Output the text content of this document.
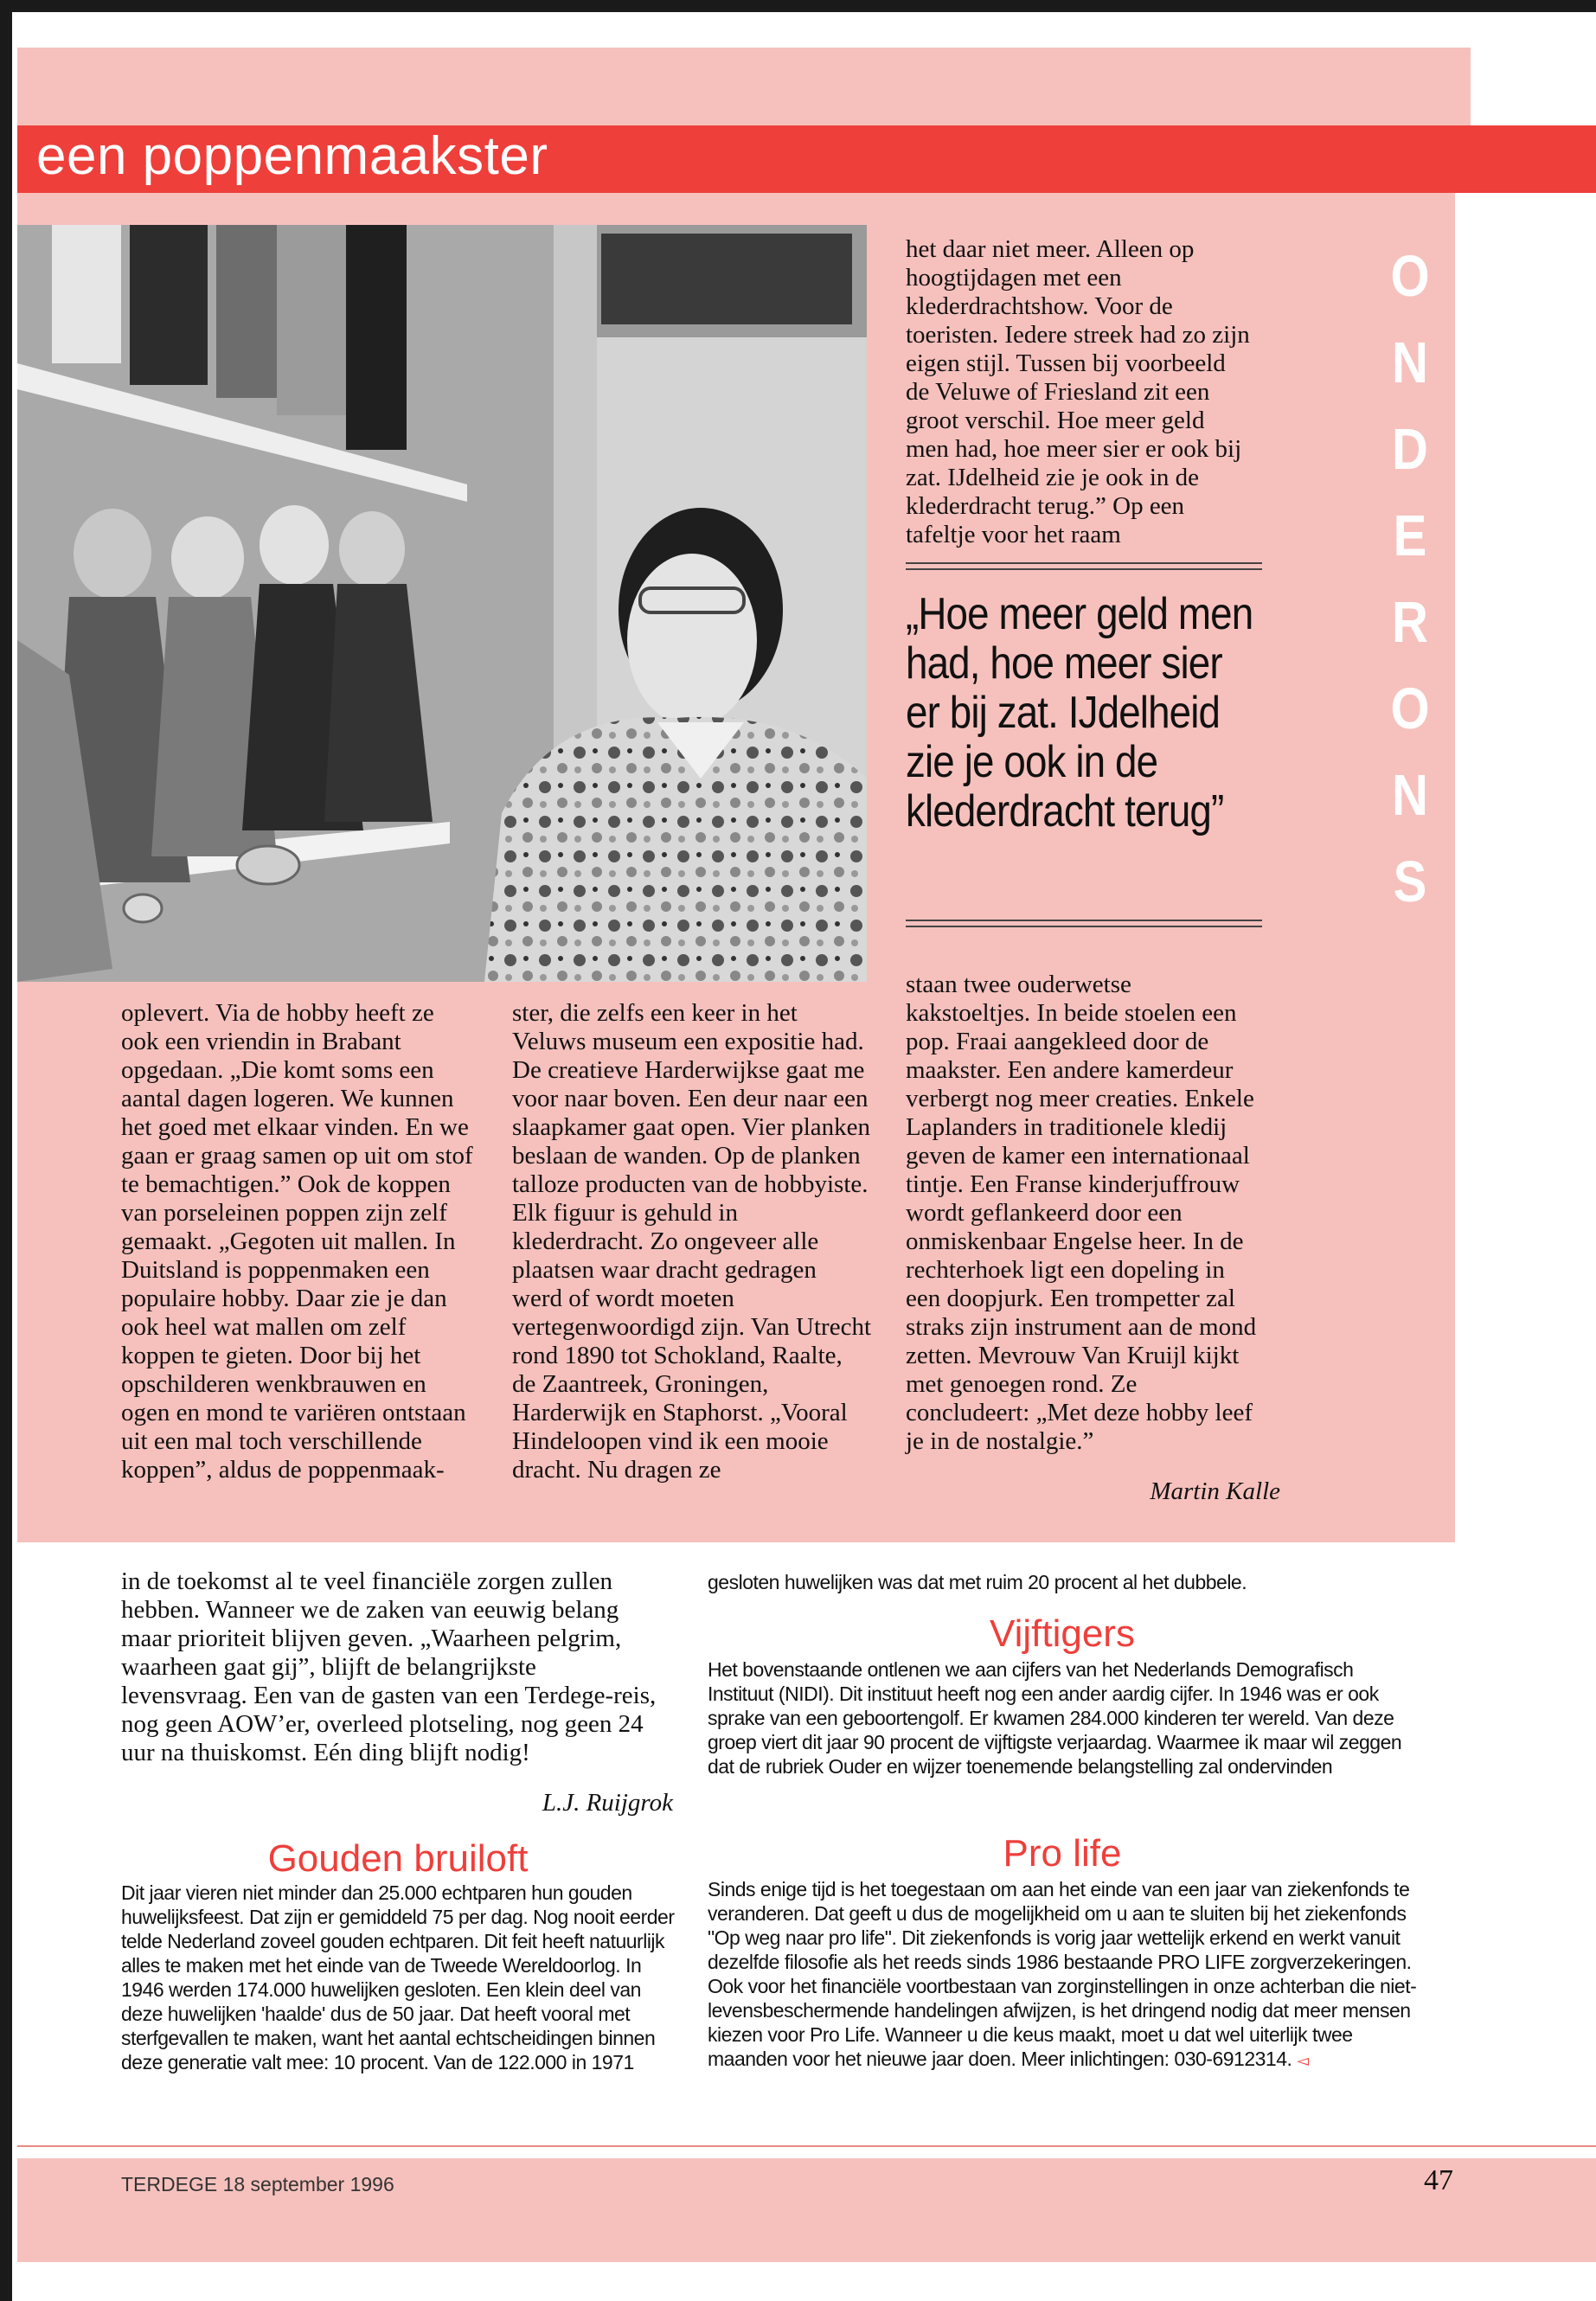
een poppenmaakster
O
N
D
E
R
O
N
S

het daar niet meer. Alleen op hoogtijdagen met een klederdrachtshow. Voor de toeristen. Iedere streek had zo zijn eigen stijl. Tussen bij voorbeeld de Veluwe of Friesland zit een groot verschil. Hoe meer geld men had, hoe meer sier er ook bij zat. IJdelheid zie je ook in de klederdracht terug.” Op een tafeltje voor het raam

„Hoe meer geld men had, hoe meer sier er bij zat. IJdelheid zie je ook in de klederdracht terug”

oplevert. Via de hobby heeft ze ook een vriendin in Brabant opgedaan. „Die komt soms een aantal dagen logeren. We kunnen het goed met elkaar vinden. En we gaan er graag samen op uit om stof te bemachtigen.” Ook de koppen van porseleinen poppen zijn zelf gemaakt. „Gegoten uit mallen. In Duitsland is poppenmaken een populaire hobby. Daar zie je dan ook heel wat mallen om zelf koppen te gieten. Door bij het opschilderen wenkbrauwen en ogen en mond te variëren ontstaan uit een mal toch verschillende koppen”, aldus de poppenmaak-

ster, die zelfs een keer in het Veluws museum een expositie had. De creatieve Harderwijkse gaat me voor naar boven. Een deur naar een slaapkamer gaat open. Vier planken beslaan de wanden. Op de planken talloze producten van de hobbyiste. Elk figuur is gehuld in klederdracht. Zo ongeveer alle plaatsen waar dracht gedragen werd of wordt moeten vertegenwoordigd zijn. Van Utrecht rond 1890 tot Schokland, Raalte, de Zaantreek, Groningen, Harderwijk en Staphorst. „Vooral Hindeloopen vind ik een mooie dracht. Nu dragen ze

staan twee ouderwetse kakstoeltjes. In beide stoelen een pop. Fraai aangekleed door de maakster. Een andere kamerdeur verbergt nog meer creaties. Enkele Laplanders in traditionele kledij geven de kamer een internationaal tintje. Een Franse kinderjuffrouw wordt geflankeerd door een onmiskenbaar Engelse heer. In de rechterhoek ligt een dopeling in een doopjurk. Een trompetter zal straks zijn instrument aan de mond zetten. Mevrouw Van Kruijl kijkt met genoegen rond. Ze concludeert: „Met deze hobby leef je in de nostalgie.”

Martin Kalle

in de toekomst al te veel financiële zorgen zullen hebben. Wanneer we de zaken van eeuwig belang maar prioriteit blijven geven. „Waarheen pelgrim, waarheen gaat gij”, blijft de belangrijkste levensvraag. Een van de gasten van een Terdege-reis, nog geen AOW’er, overleed plotseling, nog geen 24 uur na thuiskomst. Eén ding blijft nodig!

L.J. Ruijgrok
Gouden bruiloft

Dit jaar vieren niet minder dan 25.000 echtparen hun gouden huwelijksfeest. Dat zijn er gemiddeld 75 per dag. Nog nooit eerder telde Nederland zoveel gouden echtparen. Dit feit heeft natuurlijk alles te maken met het einde van de Tweede Wereldoorlog. In 1946 werden 174.000 huwelijken gesloten. Een klein deel van deze huwelijken 'haalde' dus de 50 jaar. Dat heeft vooral met sterfgevallen te maken, want het aantal echtscheidingen binnen deze generatie valt mee: 10 procent. Van de 122.000 in 1971

gesloten huwelijken was dat met ruim 20 procent al het dubbele.

Vijftigers

Het bovenstaande ontlenen we aan cijfers van het Nederlands Demografisch Instituut (NIDI). Dit instituut heeft nog een ander aardig cijfer. In 1946 was er ook sprake van een geboortengolf. Er kwamen 284.000 kinderen ter wereld. Van deze groep viert dit jaar 90 procent de vijftigste verjaardag. Waarmee ik maar wil zeggen dat de rubriek Ouder en wijzer toenemende belangstelling zal ondervinden

Pro life

Sinds enige tijd is het toegestaan om aan het einde van een jaar van ziekenfonds te veranderen. Dat geeft u dus de mogelijkheid om u aan te sluiten bij het ziekenfonds "Op weg naar pro life". Dit ziekenfonds is vorig jaar wettelijk erkend en werkt vanuit dezelfde filosofie als het reeds sinds 1986 bestaande PRO LIFE zorgverzekeringen. Ook voor het financiële voortbestaan van zorginstellingen in onze achterban die niet-levensbeschermende handelingen afwijzen, is het dringend nodig dat meer mensen kiezen voor Pro Life. Wanneer u die keus maakt, moet u dat wel uiterlijk twee maanden voor het nieuwe jaar doen. Meer inlichtingen: 030-6912314. ◅

TERDEGE 18 september 1996	47
